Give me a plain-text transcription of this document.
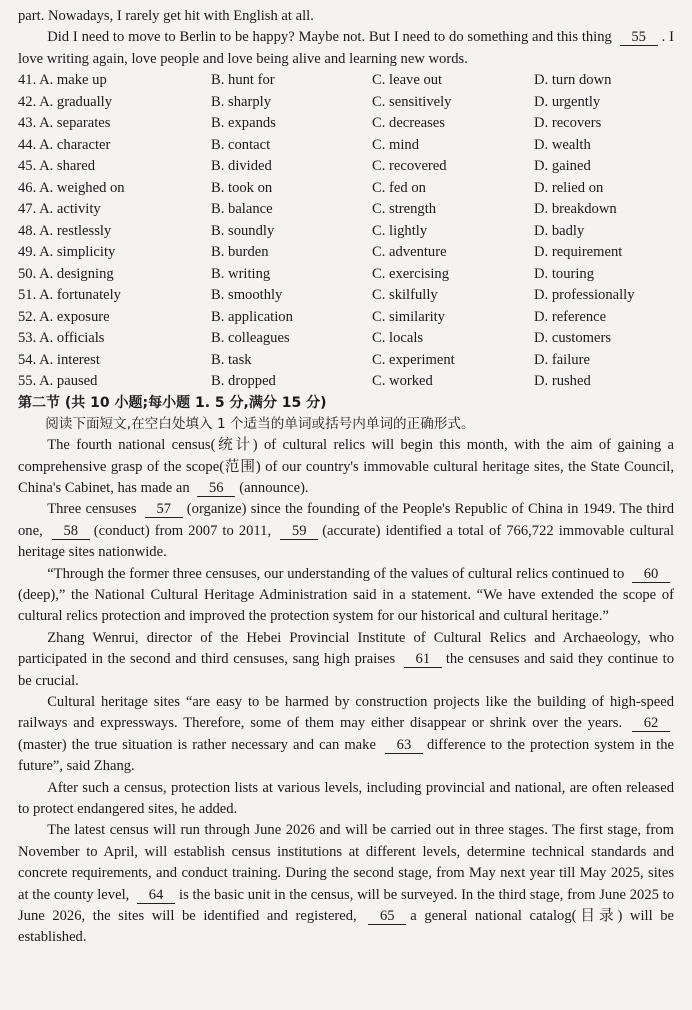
part. Nowadays, I rarely get hit with English at all.

Did I need to move to Berlin to be happy? Maybe not. But I need to do something and this thing 55 . I love writing again, love people and love being alive and learning new words.

41. A. make up	B. hunt for	C. leave out	D. turn down
42. A. gradually	B. sharply	C. sensitively	D. urgently
43. A. separates	B. expands	C. decreases	D. recovers
44. A. character	B. contact	C. mind	D. wealth
45. A. shared	B. divided	C. recovered	D. gained
46. A. weighed on	B. took on	C. fed on	D. relied on
47. A. activity	B. balance	C. strength	D. breakdown
48. A. restlessly	B. soundly	C. lightly	D. badly
49. A. simplicity	B. burden	C. adventure	D. requirement
50. A. designing	B. writing	C. exercising	D. touring
51. A. fortunately	B. smoothly	C. skilfully	D. professionally
52. A. exposure	B. application	C. similarity	D. reference
53. A. officials	B. colleagues	C. locals	D. customers
54. A. interest	B. task	C. experiment	D. failure
55. A. paused	B. dropped	C. worked	D. rushed
第二节 (共 10 小题;每小题 1. 5 分,满分 15 分)

阅读下面短文,在空白处填入 1 个适当的单词或括号内单词的正确形式。

The fourth national census(统计) of cultural relics will begin this month, with the aim of gaining a comprehensive grasp of the scope(范围) of our country's immovable cultural heritage sites, the State Council, China's Cabinet, has made an 56 (announce).

Three censuses 57 (organize) since the founding of the People's Republic of China in 1949. The third one, 58 (conduct) from 2007 to 2011, 59 (accurate) identified a total of 766,722 immovable cultural heritage sites nationwide.

“Through the former three censuses, our understanding of the values of cultural relics continued to 60(deep),” the National Cultural Heritage Administration said in a statement. “We have extended the scope of cultural relics protection and improved the protection system for our historical and cultural heritage.”

Zhang Wenrui, director of the Hebei Provincial Institute of Cultural Relics and Archaeology, who participated in the second and third censuses, sang high praises 61 the censuses and said they continue to be crucial.

Cultural heritage sites “are easy to be harmed by construction projects like the building of high-speed railways and expressways. Therefore, some of them may either disappear or shrink over the years. 62(master) the true situation is rather necessary and can make 63 difference to the protection system in the future”, said Zhang.

After such a census, protection lists at various levels, including provincial and national, are often released to protect endangered sites, he added.

The latest census will run through June 2026 and will be carried out in three stages. The first stage, from November to April, will establish census institutions at different levels, determine technical standards and concrete requirements, and conduct training. During the second stage, from May next year till May 2025, sites at the county level, 64 is the basic unit in the census, will be surveyed. In the third stage, from June 2025 to June 2026, the sites will be identified and registered, 65 a general national catalog(目录) will be established.
